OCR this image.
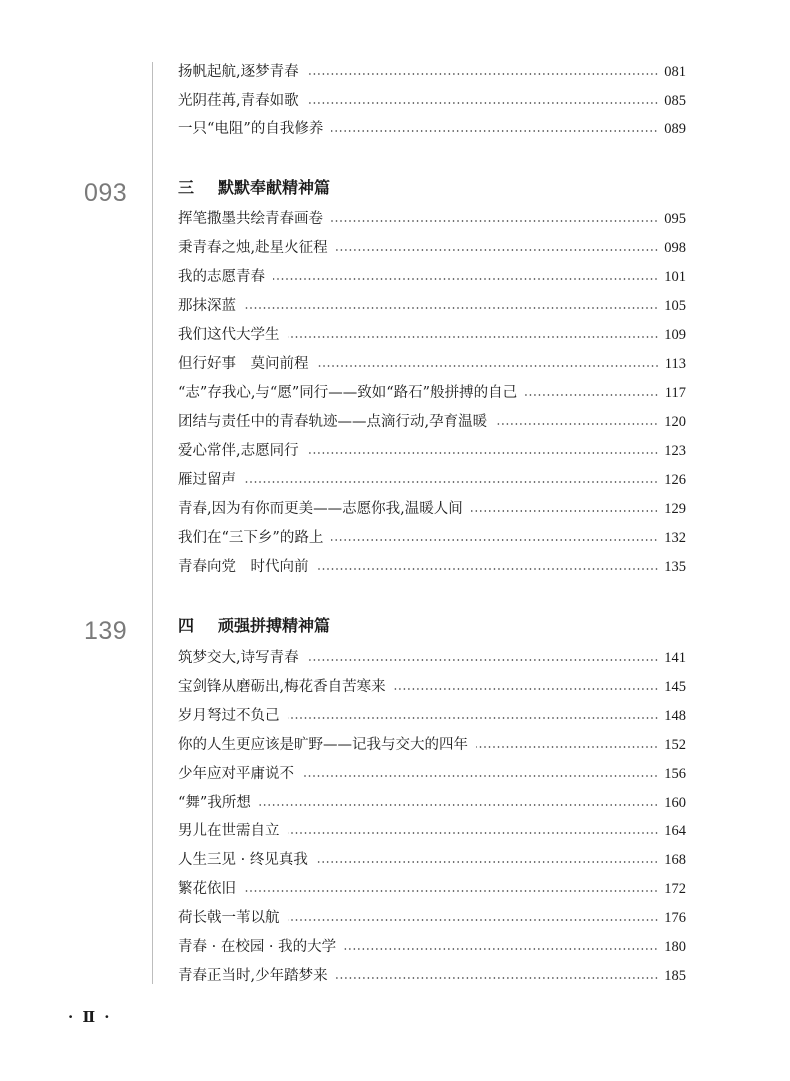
扬帆起航,逐梦青春	081
光阴荏苒,青春如歌	085
一只“电阻”的自我修养	089
093	三 默默奉献精神篇
挥笔撒墨共绘青春画卷	095
秉青春之烛,赴星火征程	098
我的志愿青春	101
那抹深蓝	105
我们这代大学生	109
但行好事　莫问前程	113
“志”存我心,与“愿”同行——致如“路石”般拼搏的自己	117
团结与责任中的青春轨迹——点滴行动,孕育温暖	120
爱心常伴,志愿同行	123
雁过留声	126
青春,因为有你而更美——志愿你我,温暖人间	129
我们在“三下乡”的路上	132
青春向党　时代向前	135
139	四 顽强拼搏精神篇
筑梦交大,诗写青春	141
宝剑锋从磨砺出,梅花香自苦寒来	145
岁月弩过不负己	148
你的人生更应该是旷野——记我与交大的四年	152
少年应对平庸说不	156
“舞”我所想	160
男儿在世需自立	164
人生三见 · 终见真我	168
繁花依旧	172
荷长戟一苇以航	176
青春 · 在校园 · 我的大学	180
青春正当时,少年踏梦来	185
· Ⅱ ·
